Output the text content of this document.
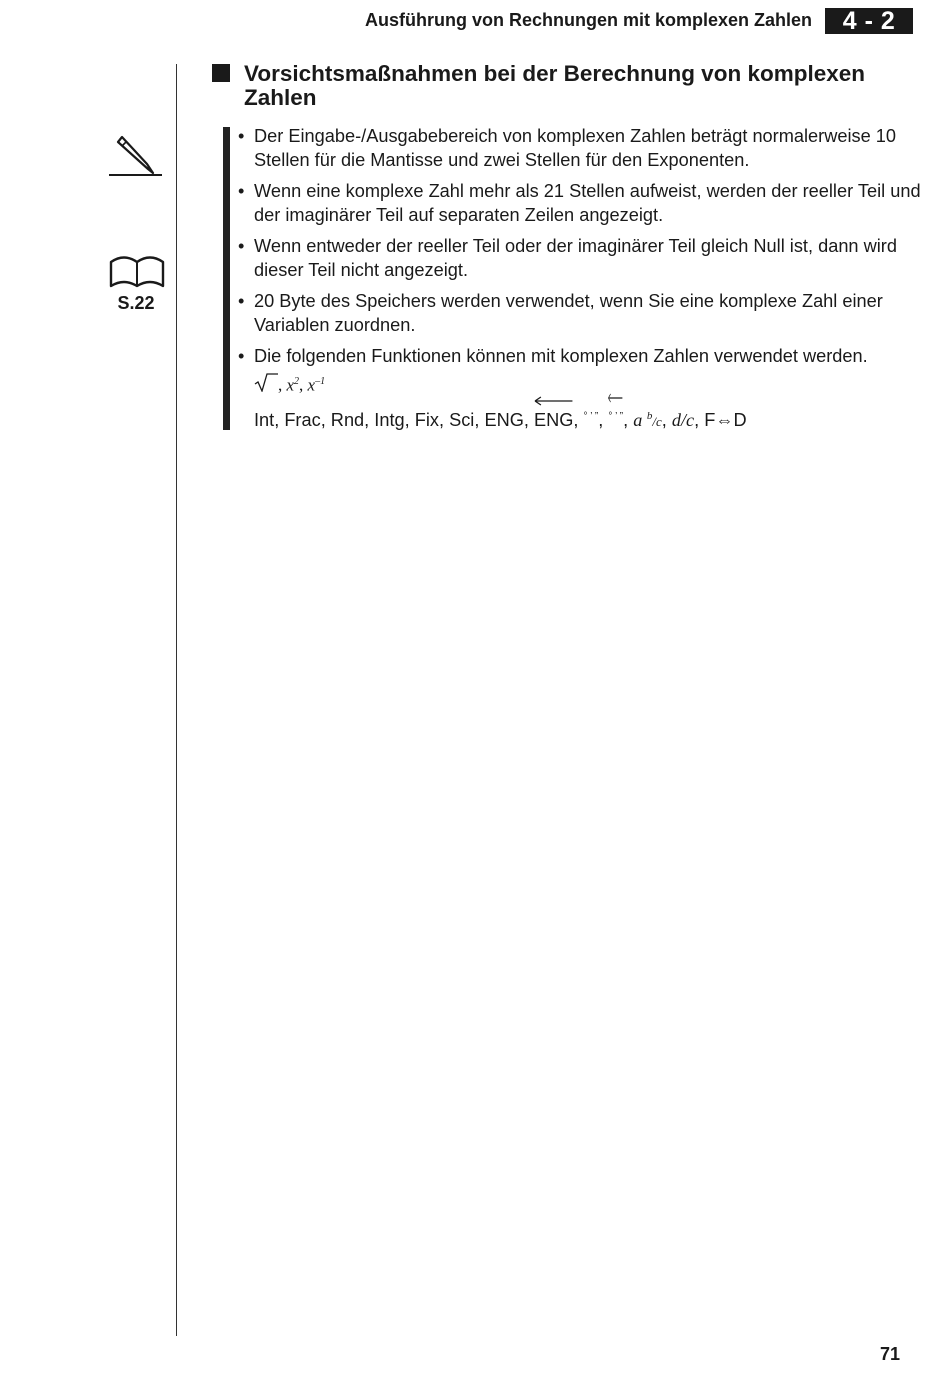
Ausführung von Rechnungen mit komplexen Zahlen	4 - 2
S.22
Vorsichtsmaßnahmen bei der Berechnung von komplexen Zahlen
• Der Eingabe-/Ausgabebereich von komplexen Zahlen beträgt normalerweise 10 Stellen für die Mantisse und zwei Stellen für den Exponenten.
• Wenn eine komplexe Zahl mehr als 21 Stellen aufweist, werden der reeller Teil und der imaginärer Teil auf separaten Zeilen angezeigt.
• Wenn entweder der reeller Teil oder der imaginärer Teil gleich Null ist, dann wird dieser Teil nicht angezeigt.
• 20 Byte des Speichers werden verwendet, wenn Sie eine komplexe Zahl einer Variablen zuordnen.
• Die folgenden Funktionen können mit komplexen Zahlen verwendet werden.
, $x^2$, $x^{-1}$
Int, Frac, Rnd, Intg, Fix, Sci, ENG,
ENG, ° ’ ”,
° ’ ”, a $^b$/c, d/c, F⇔D
71
